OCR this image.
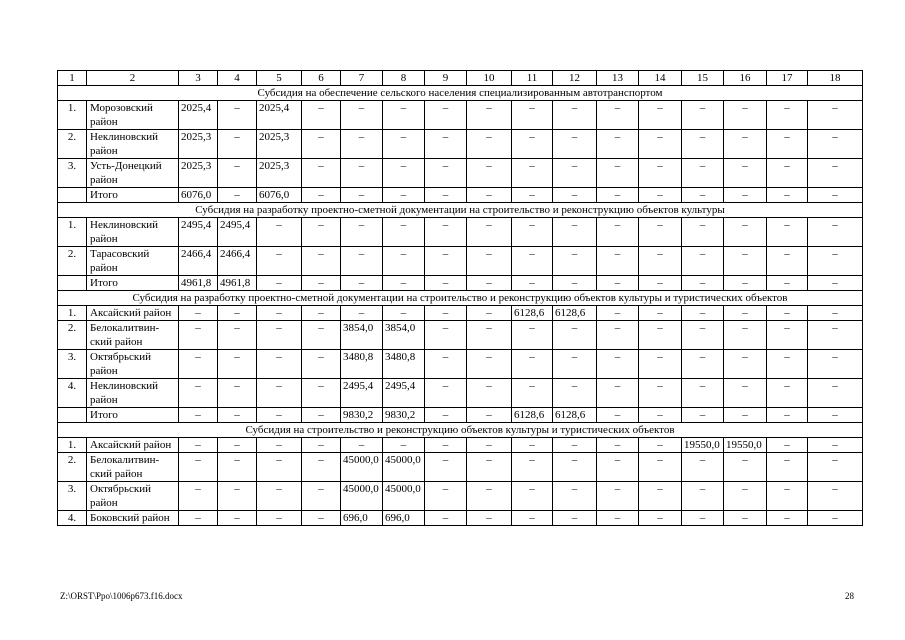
1	2	3	4	5	6	7	8	9	10	11	12	13	14	15	16	17	18
Субсидия на обеспечение сельского населения специализированным автотранспортом																	
1.	Морозовский район	2025,4	–	2025,4	–	–	–	–	–	–	–	–	–	–	–	–	–
2.	Неклиновский район	2025,3	–	2025,3	–	–	–	–	–	–	–	–	–	–	–	–	–
3.	Усть-Донецкий район	2025,3	–	2025,3	–	–	–	–	–	–	–	–	–	–	–	–	–
	Итого	6076,0	–	6076,0	–	–	–	–	–	–	–	–	–	–	–	–	–
Субсидия на разработку проектно-сметной документации на строительство и реконструкцию объектов культуры																	
1.	Неклиновский район	2495,4	2495,4	–	–	–	–	–	–	–	–	–	–	–	–	–	–
2.	Тарасовский район	2466,4	2466,4	–	–	–	–	–	–	–	–	–	–	–	–	–	–
	Итого	4961,8	4961,8	–	–	–	–	–	–	–	–	–	–	–	–	–	–
Субсидия на разработку проектно-сметной документации на строительство и реконструкцию объектов культуры и туристических объектов																	
1.	Аксайский район	–	–	–	–	–	–	–	–	6128,6	6128,6	–	–	–	–	–	–
2.	Белокалитвин-ский район	–	–	–	–	3854,0	3854,0	–	–	–	–	–	–	–	–	–	–
3.	Октябрьский район	–	–	–	–	3480,8	3480,8	–	–	–	–	–	–	–	–	–	–
4.	Неклиновский район	–	–	–	–	2495,4	2495,4	–	–	–	–	–	–	–	–	–	–
	Итого	–	–	–	–	9830,2	9830,2	–	–	6128,6	6128,6	–	–	–	–	–	–
Субсидия на строительство и реконструкцию объектов культуры и туристических объектов																	
1.	Аксайский район	–	–	–	–	–	–	–	–	–	–	–	–	19550,0	19550,0	–	–
2.	Белокалитвин-ский район	–	–	–	–	45000,0	45000,0	–	–	–	–	–	–	–	–	–	–
3.	Октябрьский район	–	–	–	–	45000,0	45000,0	–	–	–	–	–	–	–	–	–	–
4.	Боковский район	–	–	–	–	696,0	696,0	–	–	–	–	–	–	–	–	–	–
Z:\ORST\Ppo\1006p673.f16.docx	28
